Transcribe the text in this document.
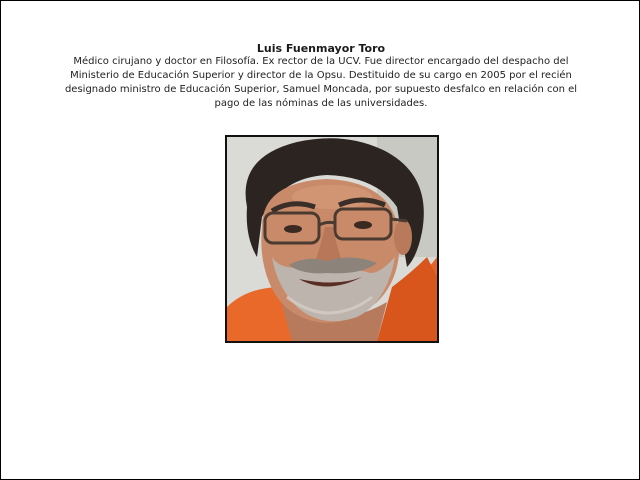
Luis Fuenmayor Toro
Médico cirujano y doctor en Filosofía. Ex rector de la UCV. Fue director encargado del despacho del
Ministerio de Educación Superior y director de la Opsu. Destituido de su cargo en 2005 por el recién
designado ministro de Educación Superior, Samuel Moncada, por supuesto desfalco en relación con el
pago de las nóminas de las universidades.
